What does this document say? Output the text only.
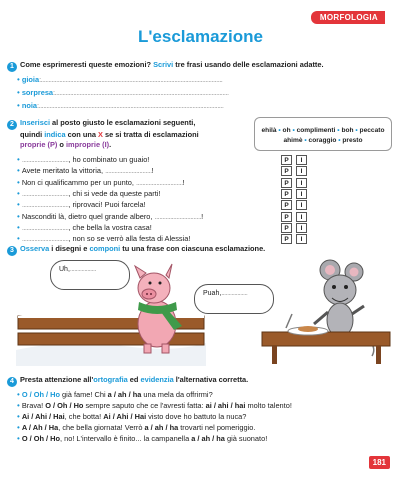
MORFOLOGIA
L'esclamazione
1 Come esprimeresti queste emozioni? Scrivi tre frasi usando delle esclamazioni adatte.
• gioia:.....................................................................................................................
• sorpresa:................................................................................................................
• noia:.......................................................................................................................
2 Inserisci al posto giusto le esclamazioni seguenti,
quindi indica con una X se si tratta di esclamazioni
proprie (P) o improprie (I).
ehilà • oh • complimenti • boh • peccato
ahimè • coraggio • presto
• .............................., ho combinato un guaio!	P	I
• Avete meritato la vittoria, ..............................!	P	I
• Non ci qualificammo per un punto, ..............................!	P	I
• .............................., chi si vede da queste parti!	P	I
• .............................., riprovaci! Puoi farcela!	P	I
• Nasconditi là, dietro quel grande albero, ..............................!	P	I
• .............................., che bella la vostra casa!	P	I
• .............................., non so se verrò alla festa di Alessia!	P	I
3 Osserva i disegni e componi tu una frase con ciascuna esclamazione.
Uh,..................
Puah,..................
4 Presta attenzione all'ortografia ed evidenzia l'alternativa corretta.
• O / Oh / Ho già fame! Chi a / ah / ha una mela da offrirmi?
• Brava! O / Oh / Ho sempre saputo che ce l'avresti fatta: ai / ahi / hai molto talento!
• Ai / Ahi / Hai, che botta! Ai / Ahi / Hai visto dove ho battuto la nuca?
• A / Ah / Ha, che bella giornata! Verrò a / ah / ha trovarti nel pomeriggio.
• O / Oh / Ho, no! L'intervallo è finito... la campanella a / ah / ha già suonato!
181
